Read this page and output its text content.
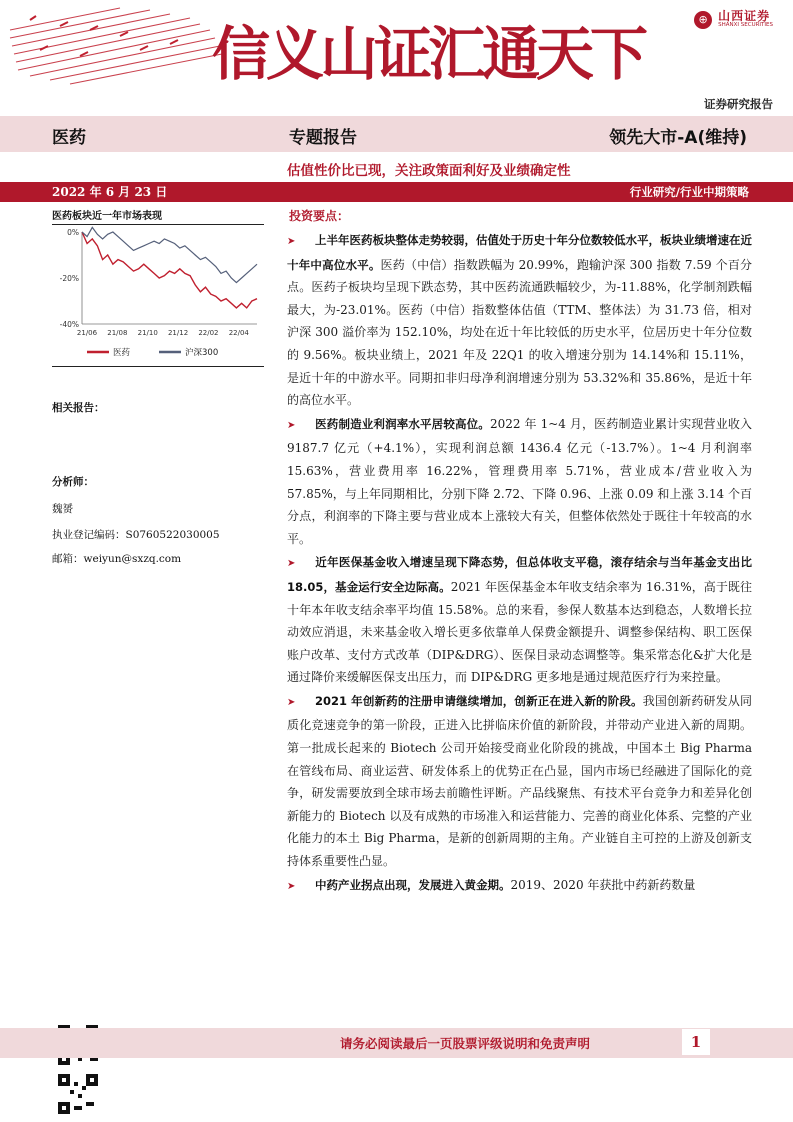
信义山证汇通天下
⊕ 山西证券
SHANXI SECURITIES
证券研究报告
医药	专题报告	领先大市-A(维持)
估值性价比已现，关注政策面利好及业绩确定性
2022 年 6 月 23 日	行业研究/行业中期策略
医药板块近一年市场表现
0%
-20%
-40%
21/06 21/08 21/10 21/12 22/02 22/04
医药	沪深300
相关报告：
分析师：
魏赟
执业登记编码：S0760522030005
邮箱：weiyun@sxzq.com
投资要点：

➤ 上半年医药板块整体走势较弱，估值处于历史十年分位数较低水平，板块业绩增速在近十年中高位水平。医药（中信）指数跌幅为 20.99%，跑输沪深 300 指数 7.59 个百分点。医药子板块均呈现下跌态势，其中医药流通跌幅较少，为-11.88%，化学制剂跌幅最大，为-23.01%。医药（中信）指数整体估值（TTM、整体法）为 31.73 倍，相对沪深 300 溢价率为 152.10%，均处在近十年比较低的历史水平，位居历史十年分位数的 9.56%。板块业绩上，2021 年及 22Q1 的收入增速分别为 14.14%和 15.11%，是近十年的中游水平。同期扣非归母净利润增速分别为 53.32%和 35.86%，是近十年的高位水平。

➤ 医药制造业利润率水平居较高位。2022 年 1~4 月，医药制造业累计实现营业收入 9187.7 亿元（+4.1%），实现利润总额 1436.4 亿元（-13.7%）。1~4 月利润率 15.63%，营业费用率 16.22%，管理费用率 5.71%，营业成本/营业收入为 57.85%，与上年同期相比，分别下降 2.72、下降 0.96、上涨 0.09 和上涨 3.14 个百分点，利润率的下降主要与营业成本上涨较大有关，但整体依然处于既往十年较高的水平。

➤ 近年医保基金收入增速呈现下降态势，但总体收支平稳，滚存结余与当年基金支出比 18.05，基金运行安全边际高。2021 年医保基金本年收支结余率为 16.31%，高于既往十年本年收支结余率平均值 15.58%。总的来看，参保人数基本达到稳态，人数增长拉动效应消退，未来基金收入增长更多依靠单人保费金额提升、调整参保结构、职工医保账户改革、支付方式改革（DIP&DRG）、医保目录动态调整等。集采常态化&扩大化是通过降价来缓解医保支出压力，而 DIP&DRG 更多地是通过规范医疗行为来控量。

➤ 2021 年创新药的注册申请继续增加，创新正在进入新的阶段。我国创新药研发从同质化竞速竞争的第一阶段，正进入比拼临床价值的新阶段，并带动产业进入新的周期。第一批成长起来的 Biotech 公司开始接受商业化阶段的挑战，中国本土 Big Pharma 在管线布局、商业运营、研发体系上的优势正在凸显，国内市场已经融进了国际化的竞争，研发需要放到全球市场去前瞻性评断。产品线聚焦、有技术平台竞争力和差异化创新能力的 Biotech 以及有成熟的市场准入和运营能力、完善的商业化体系、完整的产业化能力的本土 Big Pharma，是新的创新周期的主角。产业链自主可控的上游及创新支持体系重要性凸显。

➤ 中药产业拐点出现，发展进入黄金期。2019、2020 年获批中药新药数量

请务必阅读最后一页股票评级说明和免责声明	1
